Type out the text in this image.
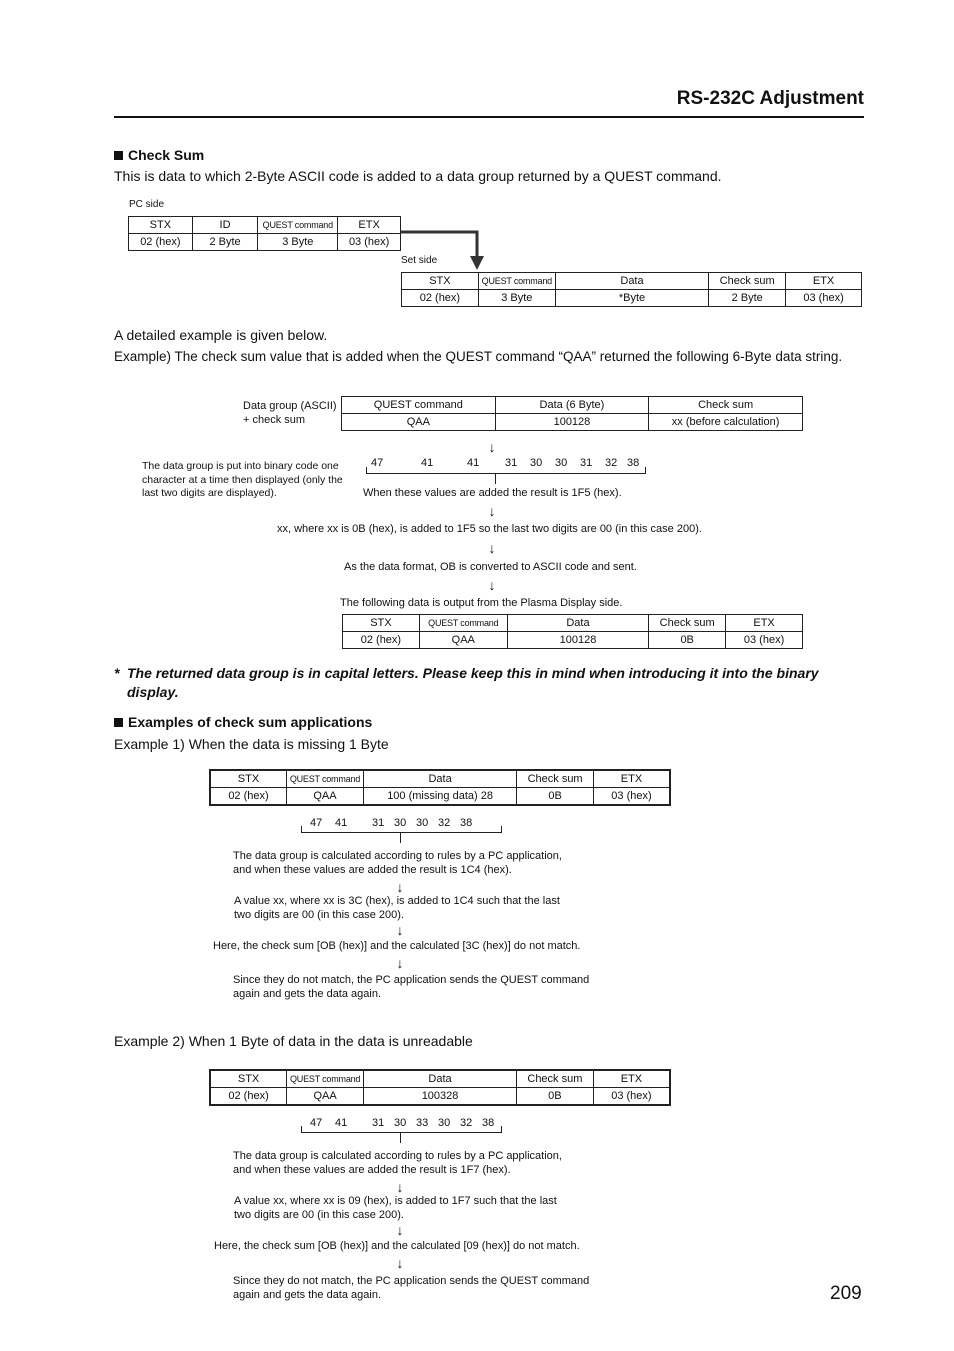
RS-232C Adjustment
Check Sum
This is data to which 2-Byte ASCII code is added to a data group returned by a QUEST command.
PC side
STX	ID	QUEST command	ETX
02 (hex)	2 Byte	3 Byte	03 (hex)
Set side
STX	QUEST command	Data	Check sum	ETX
02 (hex)	3 Byte	*Byte	2 Byte	03 (hex)
A detailed example is given below.
Example) The check sum value that is added when the QUEST command “QAA” returned the following 6-Byte data string.
Data group (ASCII)
+ check sum
QUEST command	Data (6 Byte)	Check sum
QAA	100128	xx (before calculation)
↓
The data group is put into binary code one
character at a time then displayed (only the
last two digits are displayed).
47	41	41 31 30 30 31 32 38
When these values are added the result is 1F5 (hex).
↓
xx, where xx is 0B (hex), is added to 1F5 so the last two digits are 00 (in this case 200).
↓
As the data format, OB is converted to ASCII code and sent.
↓
The following data is output from the Plasma Display side.
STX	QUEST command	Data	Check sum	ETX
02 (hex)	QAA	100128	0B	03 (hex)
* The returned data group is in capital letters. Please keep this in mind when introducing it into the binary
display.
Examples of check sum applications
Example 1) When the data is missing 1 Byte
STX	QUEST command	Data	Check sum	ETX
02 (hex)	QAA	100 (missing data) 28	0B	03 (hex)
47 41 31 30 30 32 38
The data group is calculated according to rules by a PC application,
and when these values are added the result is 1C4 (hex).
↓
A value xx, where xx is 3C (hex), is added to 1C4 such that the last
two digits are 00 (in this case 200).
↓
Here, the check sum [OB (hex)] and the calculated [3C (hex)] do not match.
↓
Since they do not match, the PC application sends the QUEST command
again and gets the data again.
Example 2) When 1 Byte of data in the data is unreadable
STX	QUEST command	Data	Check sum	ETX
02 (hex)	QAA	100328	0B	03 (hex)
47 41 31 30 33 30 32 38
The data group is calculated according to rules by a PC application,
and when these values are added the result is 1F7 (hex).
↓
A value xx, where xx is 09 (hex), is added to 1F7 such that the last
two digits are 00 (in this case 200).
↓
Here, the check sum [OB (hex)] and the calculated [09 (hex)] do not match.
↓
Since they do not match, the PC application sends the QUEST command
again and gets the data again.	209
